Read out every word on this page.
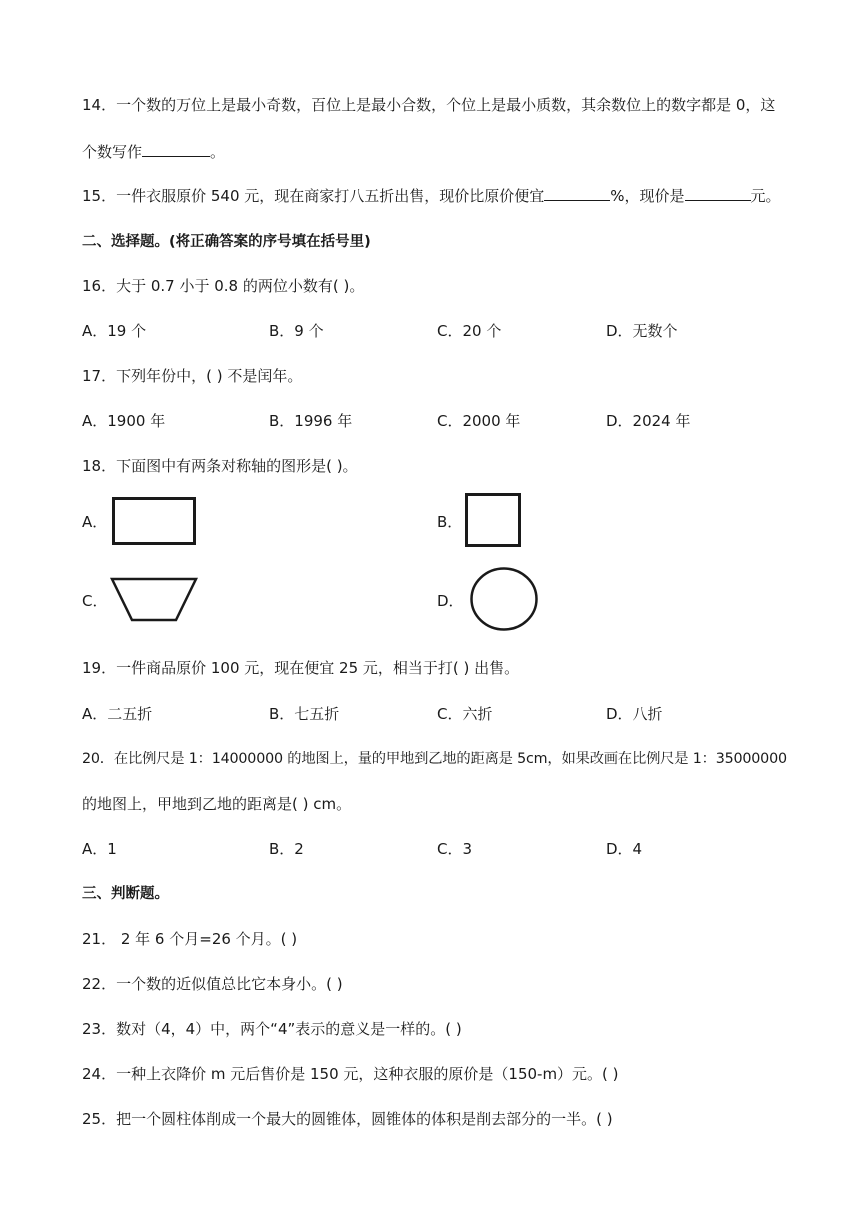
14．一个数的万位上是最小奇数，百位上是最小合数，个位上是最小质数，其余数位上的数字都是 0，这
个数写作	。
15．一件衣服原价 540 元，现在商家打八五折出售，现价比原价便宜	%，现价是	元。
二、选择题。(将正确答案的序号填在括号里)
16．大于 0.7 小于 0.8 的两位小数有( )。
A．19 个	B．9 个	C．20 个	D．无数个
17．下列年份中，( ) 不是闰年。
A．1900 年	B．1996 年	C．2000 年	D．2024 年
18．下面图中有两条对称轴的图形是( )。
A．	B．
C．	D．
19．一件商品原价 100 元，现在便宜 25 元，相当于打( ) 出售。
A．二五折	B．七五折	C．六折	D．八折
20．在比例尺是 1：14000000 的地图上，量的甲地到乙地的距离是 5cm，如果改画在比例尺是 1：35000000
的地图上，甲地到乙地的距离是( ) cm。
A．1	B．2	C．3	D．4
三、判断题。
21． 2 年 6 个月=26 个月。( )
22．一个数的近似值总比它本身小。( )
23．数对（4，4）中，两个“4”表示的意义是一样的。( )
24．一种上衣降价 m 元后售价是 150 元，这种衣服的原价是（150-m）元。( )
25．把一个圆柱体削成一个最大的圆锥体，圆锥体的体积是削去部分的一半。( )
